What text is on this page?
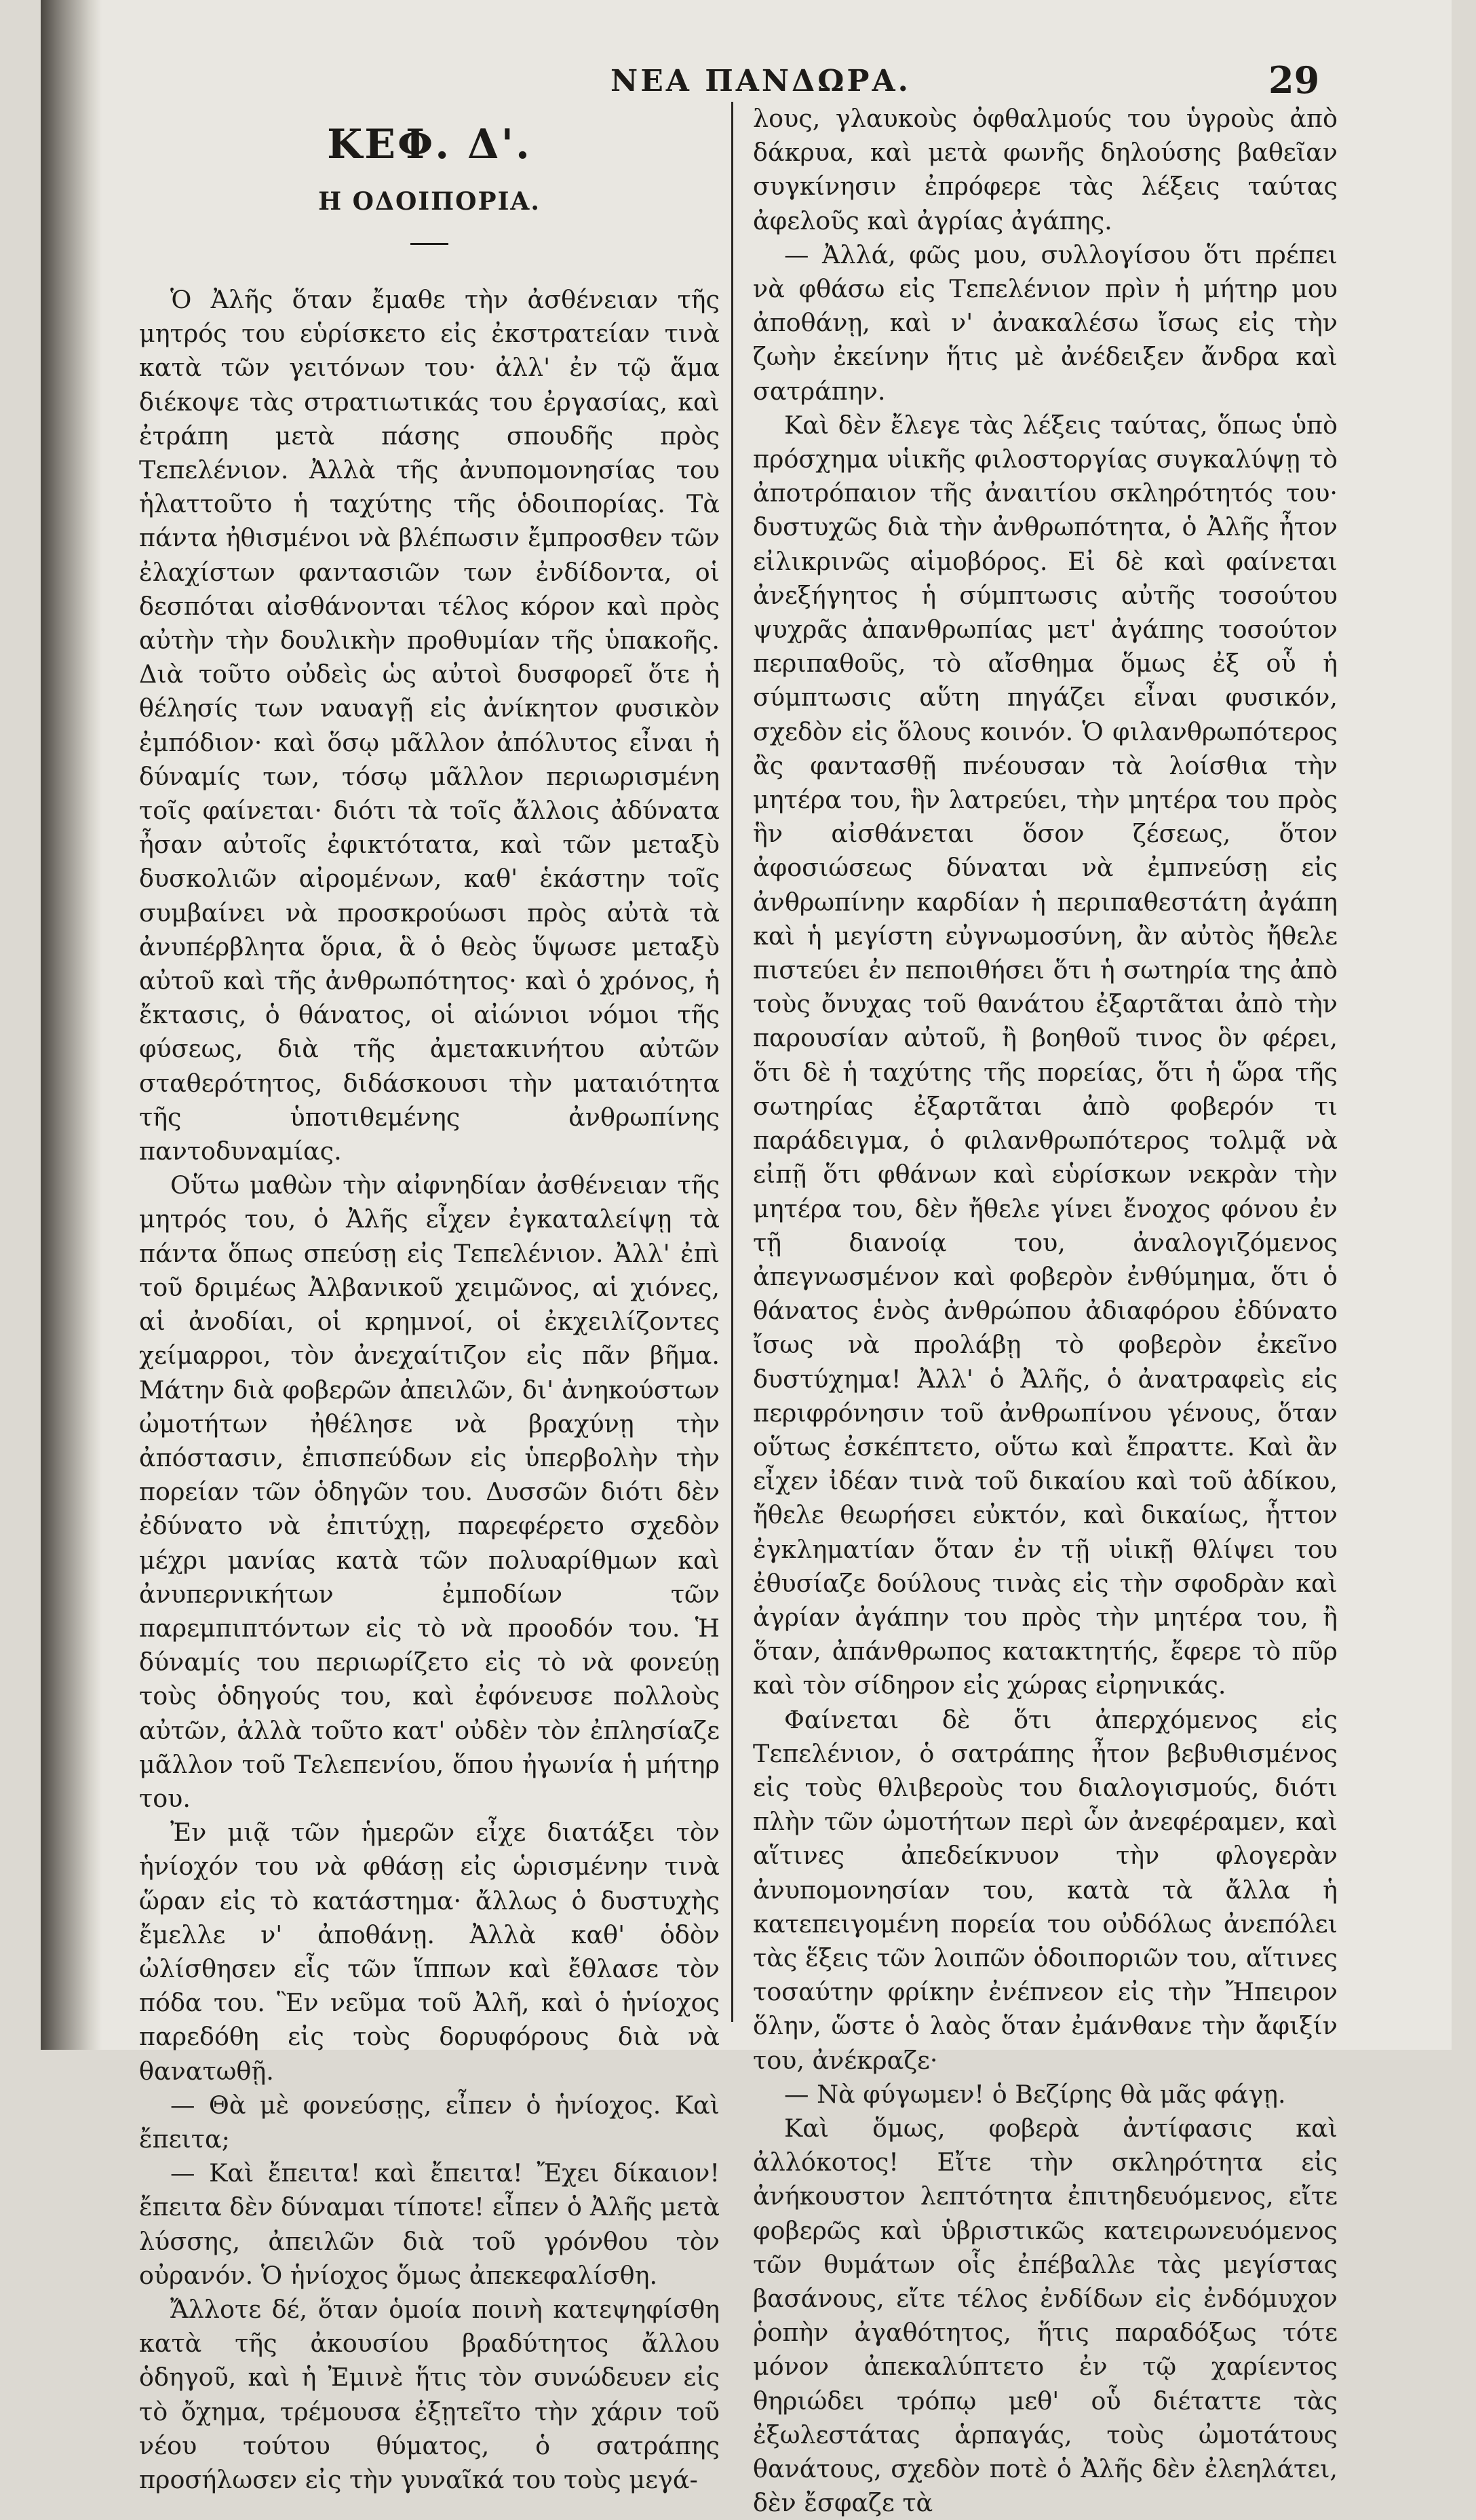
ΝΕΑ ΠΑΝΔΩΡΑ.	29
ΚΕΦ. Δ'.
Η ΟΔΟΙΠΟΡΙΑ.

Ὁ Ἀλῆς ὅταν ἔμαθε τὴν ἀσθένειαν τῆς μητρός του εὑρίσκετο εἰς ἐκστρατείαν τινὰ κατὰ τῶν γειτόνων του· ἀλλ' ἐν τῷ ἅμα διέκοψε τὰς στρατιωτικάς του ἐργασίας, καὶ ἐτράπη μετὰ πάσης σπουδῆς πρὸς Τεπελένιον. Ἀλλὰ τῆς ἀνυπομονησίας του ἡλαττοῦτο ἡ ταχύτης τῆς ὁδοιπορίας. Τὰ πάντα ἠθισμένοι νὰ βλέπωσιν ἔμπροσθεν τῶν ἐλαχίστων φαντασιῶν των ἐνδίδοντα, οἱ δεσπόται αἰσθάνονται τέλος κόρον καὶ πρὸς αὐτὴν τὴν δουλικὴν προθυμίαν τῆς ὑπακοῆς. Διὰ τοῦτο οὐδεὶς ὡς αὐτοὶ δυσφορεῖ ὅτε ἡ θέλησίς των ναυαγῇ εἰς ἀνίκητον φυσικὸν ἐμπόδιον· καὶ ὅσῳ μᾶλλον ἀπόλυτος εἶναι ἡ δύναμίς των, τόσῳ μᾶλλον περιωρισμένη τοῖς φαίνεται· διότι τὰ τοῖς ἄλλοις ἀδύνατα ἦσαν αὐτοῖς ἐφικτότατα, καὶ τῶν μεταξὺ δυσκολιῶν αἰρομένων, καθ' ἑκάστην τοῖς συμβαίνει νὰ προσκρούωσι πρὸς αὐτὰ τὰ ἀνυπέρβλητα ὅρια, ἃ ὁ θεὸς ὕψωσε μεταξὺ αὐτοῦ καὶ τῆς ἀνθρωπότητος· καὶ ὁ χρόνος, ἡ ἔκτασις, ὁ θάνατος, οἱ αἰώνιοι νόμοι τῆς φύσεως, διὰ τῆς ἀμετακινήτου αὐτῶν σταθερότητος, διδάσκουσι τὴν ματαιότητα τῆς ὑποτιθεμένης ἀνθρωπίνης παντοδυναμίας.

Οὕτω μαθὼν τὴν αἰφνηδίαν ἀσθένειαν τῆς μητρός του, ὁ Ἀλῆς εἶχεν ἐγκαταλείψῃ τὰ πάντα ὅπως σπεύσῃ εἰς Τεπελένιον. Ἀλλ' ἐπὶ τοῦ δριμέως Ἀλβανικοῦ χειμῶνος, αἱ χιόνες, αἱ ἀνοδίαι, οἱ κρημνοί, οἱ ἐκχειλίζοντες χείμαρροι, τὸν ἀνεχαίτιζον εἰς πᾶν βῆμα. Μάτην διὰ φοβερῶν ἀπειλῶν, δι' ἀνηκούστων ὠμοτήτων ἠθέλησε νὰ βραχύνῃ τὴν ἀπόστασιν, ἐπισπεύδων εἰς ὑπερβολὴν τὴν πορείαν τῶν ὁδηγῶν του. Δυσσῶν διότι δὲν ἐδύνατο νὰ ἐπιτύχῃ, παρεφέρετο σχεδὸν μέχρι μανίας κατὰ τῶν πολυαρίθμων καὶ ἀνυπερνικήτων ἐμποδίων τῶν παρεμπιπτόντων εἰς τὸ νὰ προοδόν του. Ἡ δύναμίς του περιωρίζετο εἰς τὸ νὰ φονεύῃ τοὺς ὁδηγούς του, καὶ ἐφόνευσε πολλοὺς αὐτῶν, ἀλλὰ τοῦτο κατ' οὐδὲν τὸν ἐπλησίαζε μᾶλλον τοῦ Τελεπενίου, ὅπου ἠγωνία ἡ μήτηρ του.

Ἐν μιᾷ τῶν ἡμερῶν εἶχε διατάξει τὸν ἡνίοχόν του νὰ φθάσῃ εἰς ὡρισμένην τινὰ ὥραν εἰς τὸ κατάστημα· ἄλλως ὁ δυστυχὴς ἔμελλε ν' ἀποθάνῃ. Ἀλλὰ καθ' ὁδὸν ὠλίσθησεν εἷς τῶν ἵππων καὶ ἔθλασε τὸν πόδα του. Ἓν νεῦμα τοῦ Ἀλῆ, καὶ ὁ ἡνίοχος παρεδόθη εἰς τοὺς δορυφόρους διὰ νὰ θανατωθῇ.

— Θὰ μὲ φονεύσῃς, εἶπεν ὁ ἡνίοχος. Καὶ ἔπειτα;

— Καὶ ἔπειτα! καὶ ἔπειτα! Ἔχει δίκαιον! ἔπειτα δὲν δύναμαι τίποτε! εἶπεν ὁ Ἀλῆς μετὰ λύσσης, ἀπειλῶν διὰ τοῦ γρόνθου τὸν οὐρανόν. Ὁ ἡνίοχος ὅμως ἀπεκεφαλίσθη.

Ἄλλοτε δέ, ὅταν ὁμοία ποινὴ κατεψηφίσθη κατὰ τῆς ἀκουσίου βραδύτητος ἄλλου ὁδηγοῦ, καὶ ἡ Ἐμινὲ ἥτις τὸν συνώδευεν εἰς τὸ ὄχημα, τρέμουσα ἐξῃτεῖτο τὴν χάριν τοῦ νέου τούτου θύματος, ὁ σατράπης προσήλωσεν εἰς τὴν γυναῖκά του τοὺς μεγά-

λους, γλαυκοὺς ὀφθαλμούς του ὑγροὺς ἀπὸ δάκρυα, καὶ μετὰ φωνῆς δηλούσης βαθεῖαν συγκίνησιν ἐπρόφερε τὰς λέξεις ταύτας ἀφελοῦς καὶ ἀγρίας ἀγάπης.

— Ἀλλά, φῶς μου, συλλογίσου ὅτι πρέπει νὰ φθάσω εἰς Τεπελένιον πρὶν ἡ μήτηρ μου ἀποθάνῃ, καὶ ν' ἀνακαλέσω ἴσως εἰς τὴν ζωὴν ἐκείνην ἥτις μὲ ἀνέδειξεν ἄνδρα καὶ σατράπην.

Καὶ δὲν ἔλεγε τὰς λέξεις ταύτας, ὅπως ὑπὸ πρόσχημα υἱικῆς φιλοστοργίας συγκαλύψῃ τὸ ἀποτρόπαιον τῆς ἀναιτίου σκληρότητός του· δυστυχῶς διὰ τὴν ἀνθρωπότητα, ὁ Ἀλῆς ἦτον εἰλικρινῶς αἱμοβόρος. Εἰ δὲ καὶ φαίνεται ἀνεξήγητος ἡ σύμπτωσις αὐτῆς τοσούτου ψυχρᾶς ἀπανθρωπίας μετ' ἀγάπης τοσούτον περιπαθοῦς, τὸ αἴσθημα ὅμως ἐξ οὗ ἡ σύμπτωσις αὕτη πηγάζει εἶναι φυσικόν, σχεδὸν εἰς ὅλους κοινόν. Ὁ φιλανθρωπότερος ἂς φαντασθῇ πνέουσαν τὰ λοίσθια τὴν μητέρα του, ἣν λατρεύει, τὴν μητέρα του πρὸς ἣν αἰσθάνεται ὅσον ζέσεως, ὅτον ἀφοσιώσεως δύναται νὰ ἐμπνεύσῃ εἰς ἀνθρωπίνην καρδίαν ἡ περιπαθεστάτη ἀγάπη καὶ ἡ μεγίστη εὐγνωμοσύνη, ἂν αὐτὸς ἤθελε πιστεύει ἐν πεποιθήσει ὅτι ἡ σωτηρία της ἀπὸ τοὺς ὄνυχας τοῦ θανάτου ἐξαρτᾶται ἀπὸ τὴν παρουσίαν αὐτοῦ, ἢ βοηθοῦ τινος ὃν φέρει, ὅτι δὲ ἡ ταχύτης τῆς πορείας, ὅτι ἡ ὥρα τῆς σωτηρίας ἐξαρτᾶται ἀπὸ φοβερόν τι παράδειγμα, ὁ φιλανθρωπότερος τολμᾷ νὰ εἰπῇ ὅτι φθάνων καὶ εὑρίσκων νεκρὰν τὴν μητέρα του, δὲν ἤθελε γίνει ἔνοχος φόνου ἐν τῇ διανοίᾳ του, ἀναλογιζόμενος ἀπεγνωσμένον καὶ φοβερὸν ἐνθύμημα, ὅτι ὁ θάνατος ἑνὸς ἀνθρώπου ἀδιαφόρου ἐδύνατο ἴσως νὰ προλάβῃ τὸ φοβερὸν ἐκεῖνο δυστύχημα! Ἀλλ' ὁ Ἀλῆς, ὁ ἀνατραφεὶς εἰς περιφρόνησιν τοῦ ἀνθρωπίνου γένους, ὅταν οὕτως ἐσκέπτετο, οὕτω καὶ ἔπραττε. Καὶ ἂν εἶχεν ἰδέαν τινὰ τοῦ δικαίου καὶ τοῦ ἀδίκου, ἤθελε θεωρήσει εὐκτόν, καὶ δικαίως, ἧττον ἐγκληματίαν ὅταν ἐν τῇ υἱικῇ θλίψει του ἐθυσίαζε δούλους τινὰς εἰς τὴν σφοδρὰν καὶ ἀγρίαν ἀγάπην του πρὸς τὴν μητέρα του, ἢ ὅταν, ἀπάνθρωπος κατακτητής, ἔφερε τὸ πῦρ καὶ τὸν σίδηρον εἰς χώρας εἰρηνικάς.

Φαίνεται δὲ ὅτι ἀπερχόμενος εἰς Τεπελένιον, ὁ σατράπης ἦτον βεβυθισμένος εἰς τοὺς θλιβεροὺς του διαλογισμούς, διότι πλὴν τῶν ὠμοτήτων περὶ ὧν ἀνεφέραμεν, καὶ αἵτινες ἀπεδείκνυον τὴν φλογερὰν ἀνυπομονησίαν του, κατὰ τὰ ἄλλα ἡ κατεπειγομένη πορεία του οὐδόλως ἀνεπόλει τὰς ἕξεις τῶν λοιπῶν ὁδοιποριῶν του, αἵτινες τοσαύτην φρίκην ἐνέπνεον εἰς τὴν Ἤπειρον ὅλην, ὥστε ὁ λαὸς ὅταν ἐμάνθανε τὴν ἄφιξίν του, ἀνέκραζε·

— Νὰ φύγωμεν! ὁ Βεζίρης θὰ μᾶς φάγῃ.

Καὶ ὅμως, φοβερὰ ἀντίφασις καὶ ἀλλόκοτος! Εἴτε τὴν σκληρότητα εἰς ἀνήκουστον λεπτότητα ἐπιτηδευόμενος, εἴτε φοβερῶς καὶ ὑβριστικῶς κατειρωνευόμενος τῶν θυμάτων οἷς ἐπέβαλλε τὰς μεγίστας βασάνους, εἴτε τέλος ἐνδίδων εἰς ἐνδόμυχον ῥοπὴν ἀγαθότητος, ἥτις παραδόξως τότε μόνον ἀπεκαλύπτετο ἐν τῷ χαρίεντος θηριώδει τρόπῳ μεθ' οὗ διέταττε τὰς ἐξωλεστάτας ἁρπαγάς, τοὺς ὠμοτάτους θανάτους, σχεδὸν ποτὲ ὁ Ἀλῆς δὲν ἐλεηλάτει, δὲν ἔσφαζε τὰ
